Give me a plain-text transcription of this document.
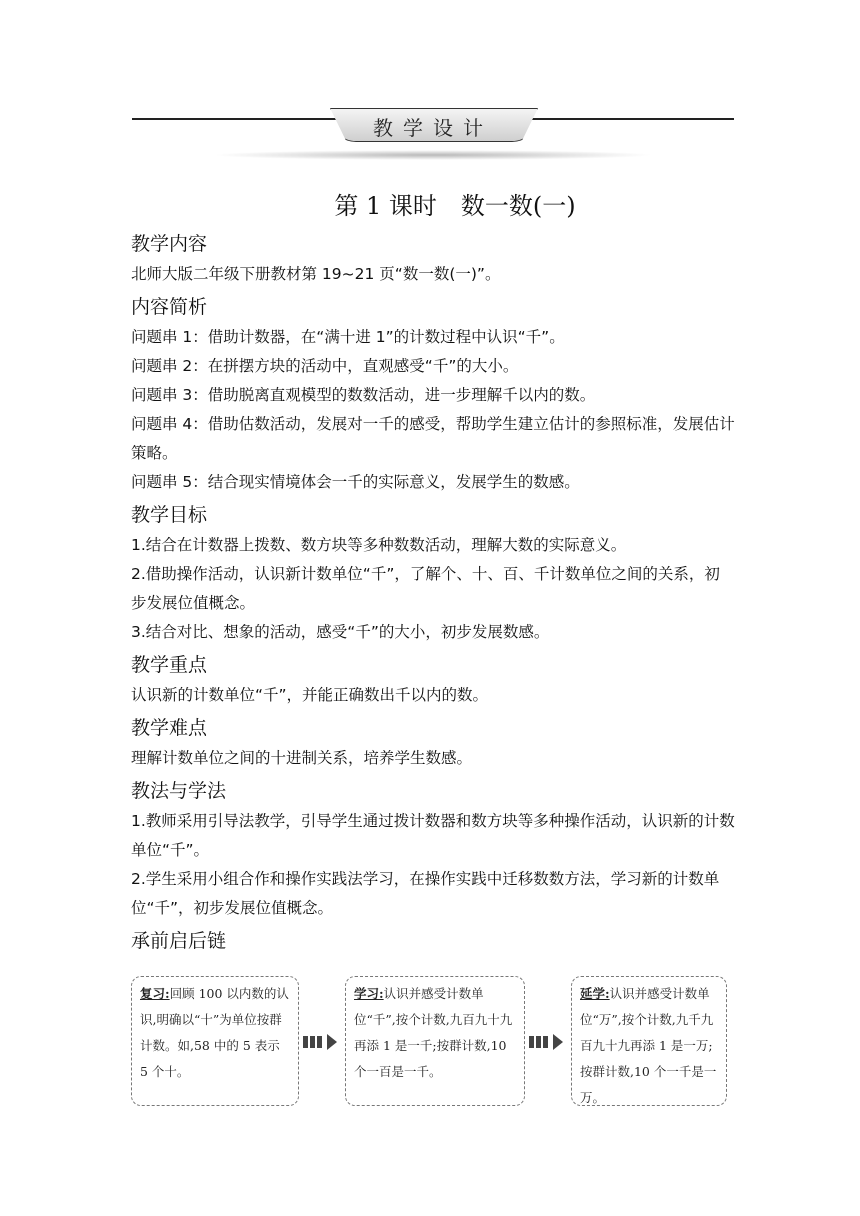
教学设计
第 1 课时　数一数(一)
教学内容

北师大版二年级下册教材第 19~21 页“数一数(一)”。

内容简析

问题串 1：借助计数器，在“满十进 1”的计数过程中认识“千”。

问题串 2：在拼摆方块的活动中，直观感受“千”的大小。

问题串 3：借助脱离直观模型的数数活动，进一步理解千以内的数。

问题串 4：借助估数活动，发展对一千的感受，帮助学生建立估计的参照标准，发展估计策略。

问题串 5：结合现实情境体会一千的实际意义，发展学生的数感。

教学目标

1.结合在计数器上拨数、数方块等多种数数活动，理解大数的实际意义。

2.借助操作活动，认识新计数单位“千”，了解个、十、百、千计数单位之间的关系，初步发展位值概念。

3.结合对比、想象的活动，感受“千”的大小，初步发展数感。

教学重点

认识新的计数单位“千”，并能正确数出千以内的数。

教学难点

理解计数单位之间的十进制关系，培养学生数感。

教法与学法

1.教师采用引导法教学，引导学生通过拨计数器和数方块等多种操作活动，认识新的计数单位“千”。

2.学生采用小组合作和操作实践法学习，在操作实践中迁移数数方法，学习新的计数单位“千”，初步发展位值概念。

承前启后链
复习:回顾 100 以内数的认识,明确以“十”为单位按群计数。如,58 中的 5 表示 5 个十。
学习:认识并感受计数单位“千”,按个计数,九百九十九再添 1 是一千;按群计数,10 个一百是一千。
延学:认识并感受计数单位“万”,按个计数,九千九百九十九再添 1 是一万;按群计数,10 个一千是一万。
